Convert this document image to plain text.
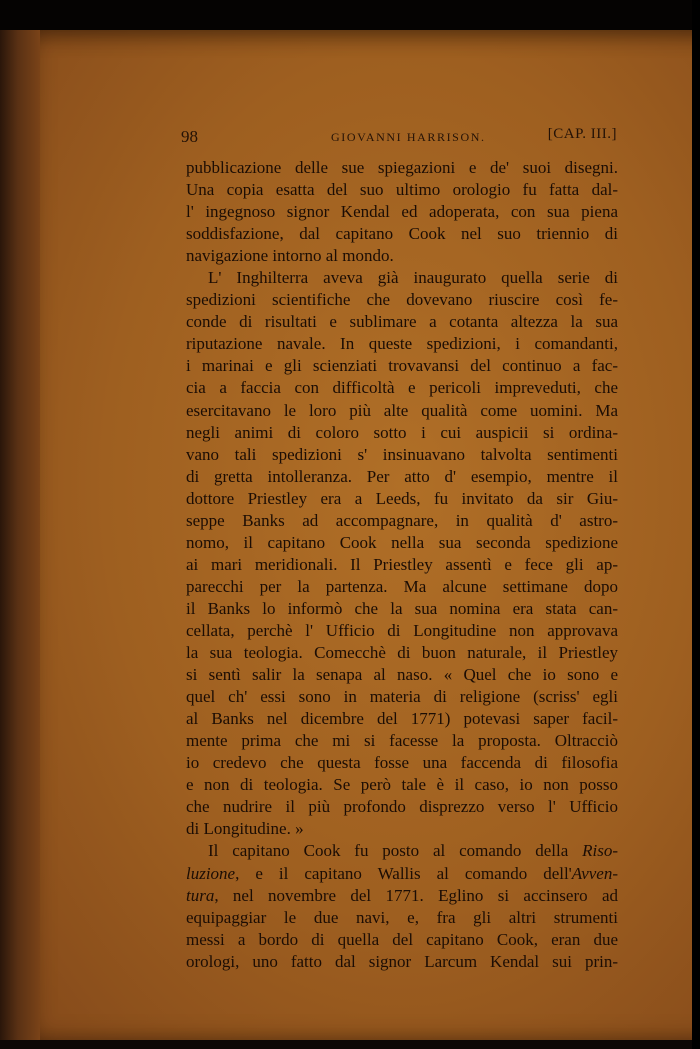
98	GIOVANNI HARRISON.	[CAP. III.]
pubblicazione delle sue spiegazioni e de' suoi disegni.
Una copia esatta del suo ultimo orologio fu fatta dal-
l' ingegnoso signor Kendal ed adoperata, con sua piena
soddisfazione, dal capitano Cook nel suo triennio di
navigazione intorno al mondo.
L' Inghilterra aveva già inaugurato quella serie di
spedizioni scientifiche che dovevano riuscire così fe-
conde di risultati e sublimare a cotanta altezza la sua
riputazione navale. In queste spedizioni, i comandanti,
i marinai e gli scienziati trovavansi del continuo a fac-
cia a faccia con difficoltà e pericoli impreveduti, che
esercitavano le loro più alte qualità come uomini. Ma
negli animi di coloro sotto i cui auspicii si ordina-
vano tali spedizioni s' insinuavano talvolta sentimenti
di gretta intolleranza. Per atto d' esempio, mentre il
dottore Priestley era a Leeds, fu invitato da sir Giu-
seppe Banks ad accompagnare, in qualità d' astro-
nomo, il capitano Cook nella sua seconda spedizione
ai mari meridionali. Il Priestley assentì e fece gli ap-
parecchi per la partenza. Ma alcune settimane dopo
il Banks lo informò che la sua nomina era stata can-
cellata, perchè l' Ufficio di Longitudine non approvava
la sua teologia. Comecchè di buon naturale, il Priestley
si sentì salir la senapa al naso. « Quel che io sono e
quel ch' essi sono in materia di religione (scriss' egli
al Banks nel dicembre del 1771) potevasi saper facil-
mente prima che mi si facesse la proposta. Oltracciò
io credevo che questa fosse una faccenda di filosofia
e non di teologia. Se però tale è il caso, io non posso
che nudrire il più profondo disprezzo verso l' Ufficio
di Longitudine. »
Il capitano Cook fu posto al comando della Riso-
luzione, e il capitano Wallis al comando dell'Avven-
tura, nel novembre del 1771. Eglino si accinsero ad
equipaggiar le due navi, e, fra gli altri strumenti
messi a bordo di quella del capitano Cook, eran due
orologi, uno fatto dal signor Larcum Kendal sui prin-
